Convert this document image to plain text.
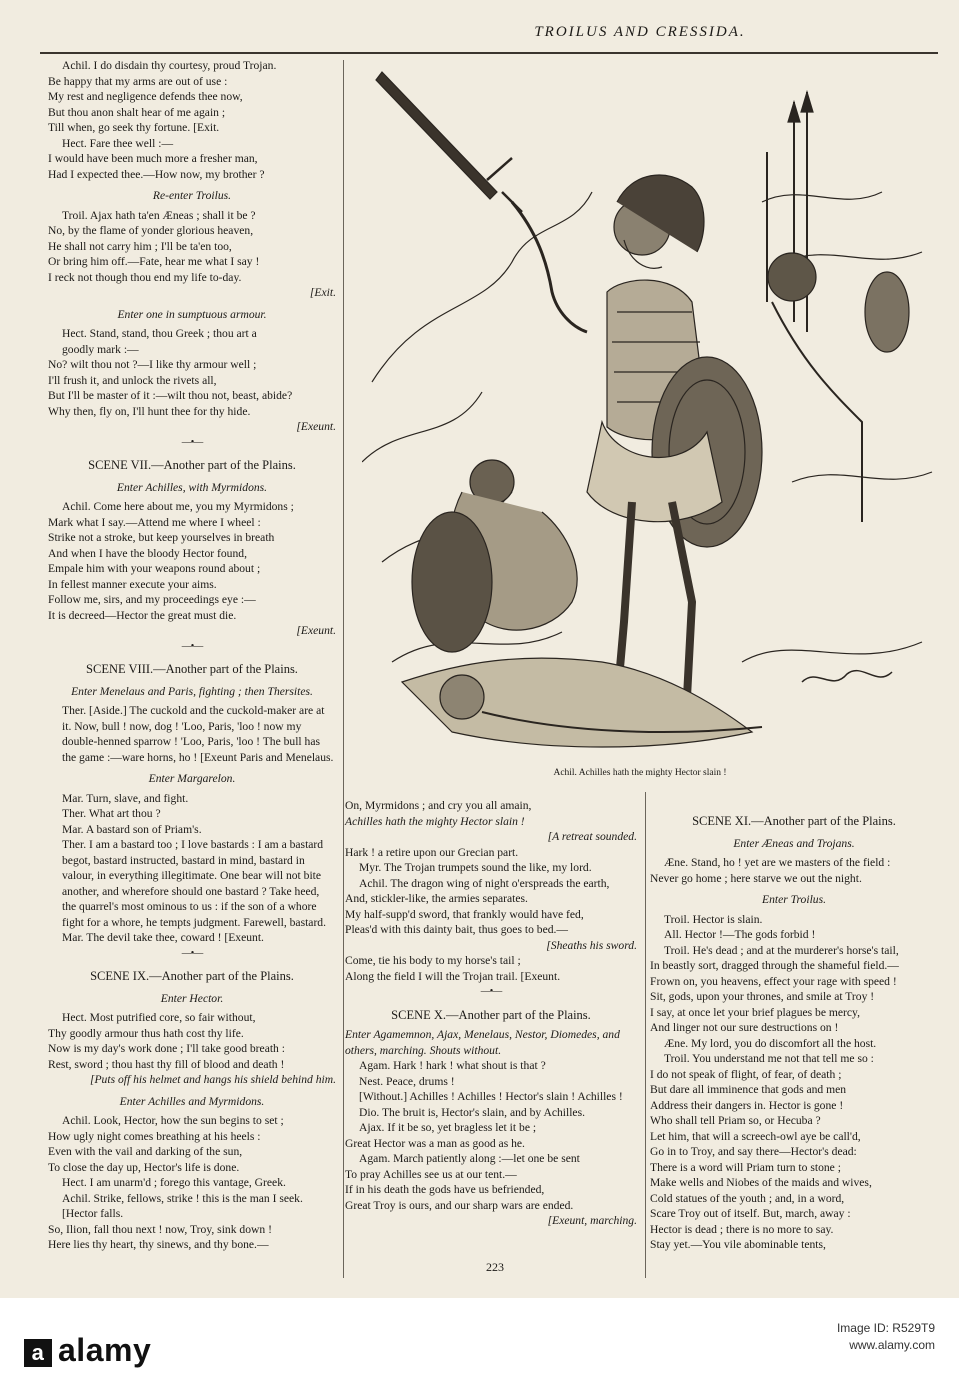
TROILUS AND CRESSIDA.

Achil. I do disdain thy courtesy, proud Trojan.

Be happy that my arms are out of use :

My rest and negligence defends thee now,

But thou anon shalt hear of me again ;

Till when, go seek thy fortune. [Exit.

Hect. Fare thee well :—

I would have been much more a fresher man,

Had I expected thee.—How now, my brother ?

Re-enter Troilus.

Troil. Ajax hath ta'en Æneas ; shall it be ?

No, by the flame of yonder glorious heaven,

He shall not carry him ; I'll be ta'en too,

Or bring him off.—Fate, hear me what I say !

I reck not though thou end my life to-day.

[Exit.

Enter one in sumptuous armour.

Hect. Stand, stand, thou Greek ; thou art a

goodly mark :—

No? wilt thou not ?—I like thy armour well ;

I'll frush it, and unlock the rivets all,

But I'll be master of it :—wilt thou not, beast, abide?

Why then, fly on, I'll hunt thee for thy hide.

[Exeunt.

—•—

SCENE VII.—Another part of the Plains.

Enter Achilles, with Myrmidons.

Achil. Come here about me, you my Myrmidons ;

Mark what I say.—Attend me where I wheel :

Strike not a stroke, but keep yourselves in breath

And when I have the bloody Hector found,

Empale him with your weapons round about ;

In fellest manner execute your aims.

Follow me, sirs, and my proceedings eye :—

It is decreed—Hector the great must die.

[Exeunt.

—•—

SCENE VIII.—Another part of the Plains.

Enter Menelaus and Paris, fighting ; then Thersites.

Ther. [Aside.] The cuckold and the cuckold-maker are at it. Now, bull ! now, dog ! 'Loo, Paris, 'loo ! now my double-henned sparrow ! 'Loo, Paris, 'loo ! The bull has the game :—ware horns, ho ! [Exeunt Paris and Menelaus.

Enter Margarelon.

Mar. Turn, slave, and fight.

Ther. What art thou ?

Mar. A bastard son of Priam's.

Ther. I am a bastard too ; I love bastards : I am a bastard begot, bastard instructed, bastard in mind, bastard in valour, in everything illegitimate. One bear will not bite another, and wherefore should one bastard ? Take heed, the quarrel's most ominous to us : if the son of a whore fight for a whore, he tempts judgment. Farewell, bastard.

Mar. The devil take thee, coward ! [Exeunt.

—•—

SCENE IX.—Another part of the Plains.

Enter Hector.

Hect. Most putrified core, so fair without,

Thy goodly armour thus hath cost thy life.

Now is my day's work done ; I'll take good breath :

Rest, sword ; thou hast thy fill of blood and death !

[Puts off his helmet and hangs his shield behind him.

Enter Achilles and Myrmidons.

Achil. Look, Hector, how the sun begins to set ;

How ugly night comes breathing at his heels :

Even with the vail and darking of the sun,

To close the day up, Hector's life is done.

Hect. I am unarm'd ; forego this vantage, Greek.

Achil. Strike, fellows, strike ! this is the man I seek. [Hector falls.

So, Ilion, fall thou next ! now, Troy, sink down !

Here lies thy heart, thy sinews, and thy bone.—

Achil. Achilles hath the mighty Hector slain !

On, Myrmidons ; and cry you all amain,

Achilles hath the mighty Hector slain !

[A retreat sounded.

Hark ! a retire upon our Grecian part.

Myr. The Trojan trumpets sound the like, my lord.

Achil. The dragon wing of night o'erspreads the earth,

And, stickler-like, the armies separates.

My half-supp'd sword, that frankly would have fed,

Pleas'd with this dainty bait, thus goes to bed.—

[Sheaths his sword.

Come, tie his body to my horse's tail ;

Along the field I will the Trojan trail. [Exeunt.

—•—

SCENE X.—Another part of the Plains.

Enter Agamemnon, Ajax, Menelaus, Nestor, Diomedes, and others, marching. Shouts without.

Agam. Hark ! hark ! what shout is that ?

Nest. Peace, drums !

[Without.] Achilles ! Achilles ! Hector's slain ! Achilles !

Dio. The bruit is, Hector's slain, and by Achilles.

Ajax. If it be so, yet bragless let it be ;

Great Hector was a man as good as he.

Agam. March patiently along :—let one be sent

To pray Achilles see us at our tent.—

If in his death the gods have us befriended,

Great Troy is ours, and our sharp wars are ended.

[Exeunt, marching.

SCENE XI.—Another part of the Plains.

Enter Æneas and Trojans.

Æne. Stand, ho ! yet are we masters of the field :

Never go home ; here starve we out the night.

Enter Troilus.

Troil. Hector is slain.

All. Hector !—The gods forbid !

Troil. He's dead ; and at the murderer's horse's tail,

In beastly sort, dragged through the shameful field.—

Frown on, you heavens, effect your rage with speed !

Sit, gods, upon your thrones, and smile at Troy !

I say, at once let your brief plagues be mercy,

And linger not our sure destructions on !

Æne. My lord, you do discomfort all the host.

Troil. You understand me not that tell me so :

I do not speak of flight, of fear, of death ;

But dare all imminence that gods and men

Address their dangers in. Hector is gone !

Who shall tell Priam so, or Hecuba ?

Let him, that will a screech-owl aye be call'd,

Go in to Troy, and say there—Hector's dead:

There is a word will Priam turn to stone ;

Make wells and Niobes of the maids and wives,

Cold statues of the youth ; and, in a word,

Scare Troy out of itself. But, march, away :

Hector is dead ; there is no more to say.

Stay yet.—You vile abominable tents,

223
a alamy
Image ID: R529T9
www.alamy.com
